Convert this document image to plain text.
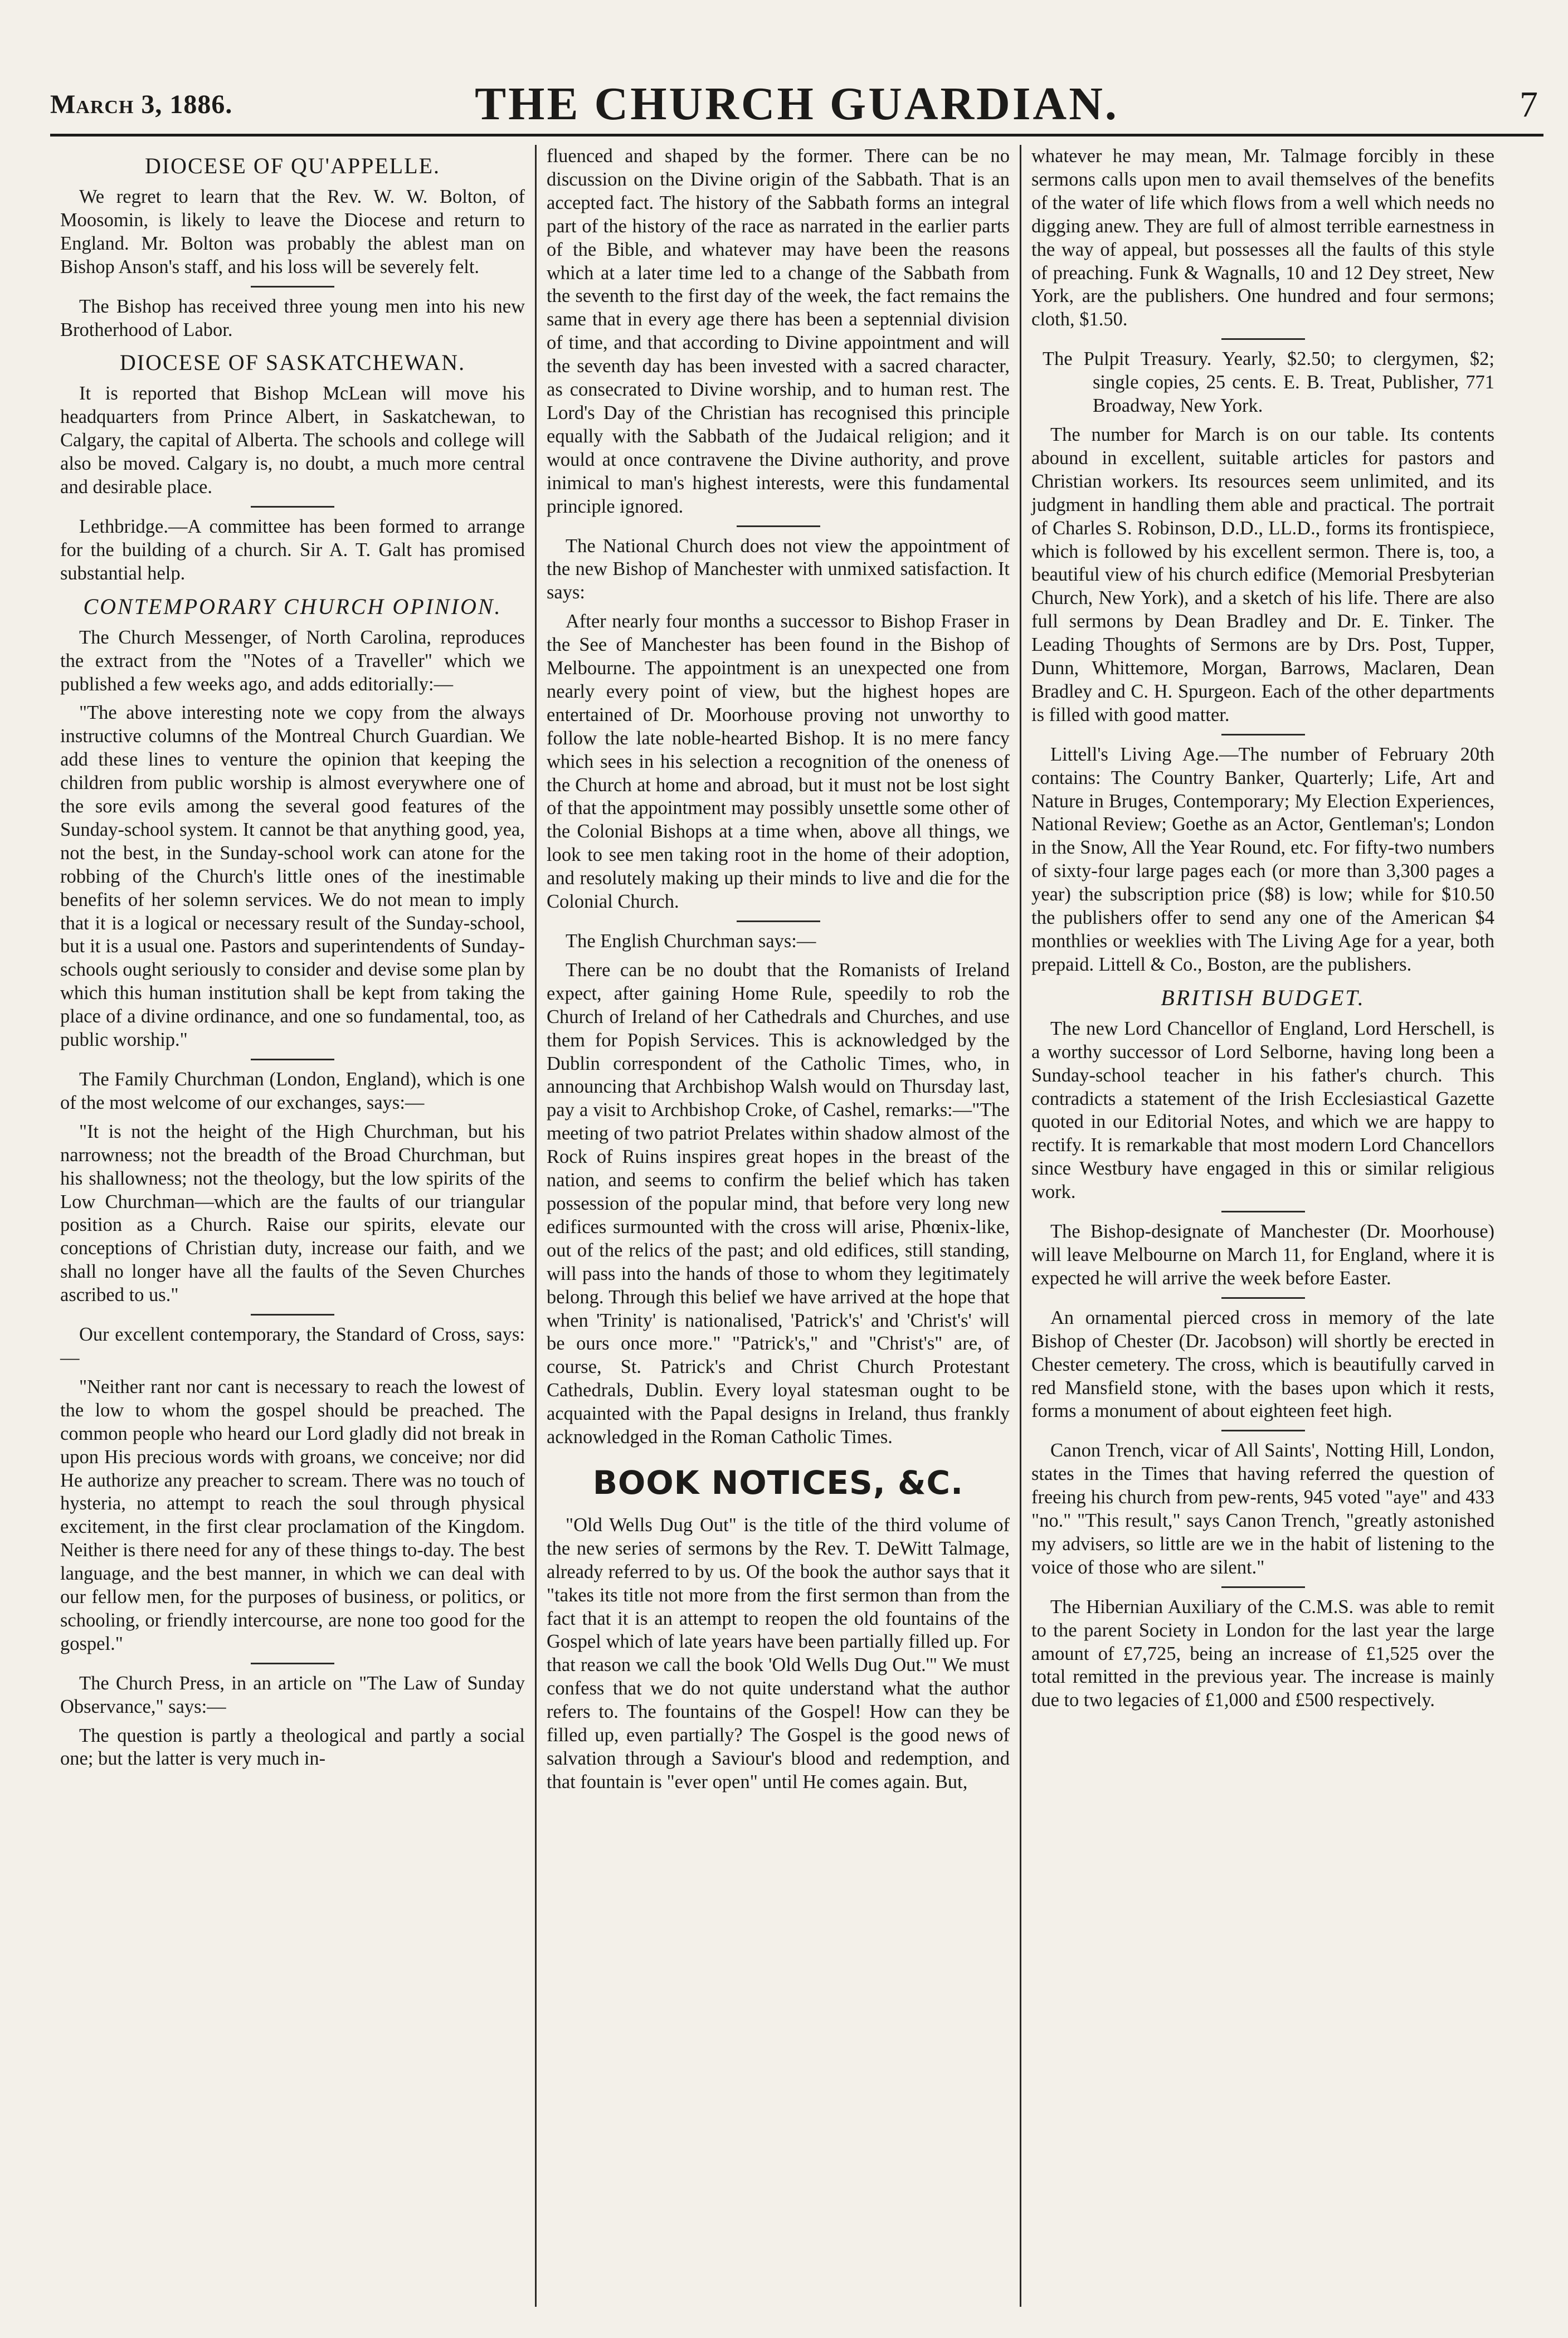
March 3, 1886.	THE CHURCH GUARDIAN.	7
DIOCESE OF QU'APPELLE.

We regret to learn that the Rev. W. W. Bolton, of Moosomin, is likely to leave the Diocese and return to England. Mr. Bolton was probably the ablest man on Bishop Anson's staff, and his loss will be severely felt.

The Bishop has received three young men into his new Brotherhood of Labor.

DIOCESE OF SASKATCHEWAN.

It is reported that Bishop McLean will move his headquarters from Prince Albert, in Saskatchewan, to Calgary, the capital of Alberta. The schools and college will also be moved. Calgary is, no doubt, a much more central and desirable place.

Lethbridge.—A committee has been formed to arrange for the building of a church. Sir A. T. Galt has promised substantial help.

CONTEMPORARY CHURCH OPINION.

The Church Messenger, of North Carolina, reproduces the extract from the "Notes of a Traveller" which we published a few weeks ago, and adds editorially:—

"The above interesting note we copy from the always instructive columns of the Montreal Church Guardian. We add these lines to venture the opinion that keeping the children from public worship is almost everywhere one of the sore evils among the several good features of the Sunday-school system. It cannot be that anything good, yea, not the best, in the Sunday-school work can atone for the robbing of the Church's little ones of the inestimable benefits of her solemn services. We do not mean to imply that it is a logical or necessary result of the Sunday-school, but it is a usual one. Pastors and superintendents of Sunday-schools ought seriously to consider and devise some plan by which this human institution shall be kept from taking the place of a divine ordinance, and one so fundamental, too, as public worship."

The Family Churchman (London, England), which is one of the most welcome of our exchanges, says:—

"It is not the height of the High Churchman, but his narrowness; not the breadth of the Broad Churchman, but his shallowness; not the theology, but the low spirits of the Low Churchman—which are the faults of our triangular position as a Church. Raise our spirits, elevate our conceptions of Christian duty, increase our faith, and we shall no longer have all the faults of the Seven Churches ascribed to us."

Our excellent contemporary, the Standard of Cross, says:—

"Neither rant nor cant is necessary to reach the lowest of the low to whom the gospel should be preached. The common people who heard our Lord gladly did not break in upon His precious words with groans, we conceive; nor did He authorize any preacher to scream. There was no touch of hysteria, no attempt to reach the soul through physical excitement, in the first clear proclamation of the Kingdom. Neither is there need for any of these things to-day. The best language, and the best manner, in which we can deal with our fellow men, for the purposes of business, or politics, or schooling, or friendly intercourse, are none too good for the gospel."

The Church Press, in an article on "The Law of Sunday Observance," says:—

The question is partly a theological and partly a social one; but the latter is very much in-

fluenced and shaped by the former. There can be no discussion on the Divine origin of the Sabbath. That is an accepted fact. The history of the Sabbath forms an integral part of the history of the race as narrated in the earlier parts of the Bible, and whatever may have been the reasons which at a later time led to a change of the Sabbath from the seventh to the first day of the week, the fact remains the same that in every age there has been a septennial division of time, and that according to Divine appointment and will the seventh day has been invested with a sacred character, as consecrated to Divine worship, and to human rest. The Lord's Day of the Christian has recognised this principle equally with the Sabbath of the Judaical religion; and it would at once contravene the Divine authority, and prove inimical to man's highest interests, were this fundamental principle ignored.

The National Church does not view the appointment of the new Bishop of Manchester with unmixed satisfaction. It says:

After nearly four months a successor to Bishop Fraser in the See of Manchester has been found in the Bishop of Melbourne. The appointment is an unexpected one from nearly every point of view, but the highest hopes are entertained of Dr. Moorhouse proving not unworthy to follow the late noble-hearted Bishop. It is no mere fancy which sees in his selection a recognition of the oneness of the Church at home and abroad, but it must not be lost sight of that the appointment may possibly unsettle some other of the Colonial Bishops at a time when, above all things, we look to see men taking root in the home of their adoption, and resolutely making up their minds to live and die for the Colonial Church.

The English Churchman says:—

There can be no doubt that the Romanists of Ireland expect, after gaining Home Rule, speedily to rob the Church of Ireland of her Cathedrals and Churches, and use them for Popish Services. This is acknowledged by the Dublin correspondent of the Catholic Times, who, in announcing that Archbishop Walsh would on Thursday last, pay a visit to Archbishop Croke, of Cashel, remarks:—"The meeting of two patriot Prelates within shadow almost of the Rock of Ruins inspires great hopes in the breast of the nation, and seems to confirm the belief which has taken possession of the popular mind, that before very long new edifices surmounted with the cross will arise, Phœnix-like, out of the relics of the past; and old edifices, still standing, will pass into the hands of those to whom they legitimately belong. Through this belief we have arrived at the hope that when 'Trinity' is nationalised, 'Patrick's' and 'Christ's' will be ours once more." "Patrick's," and "Christ's" are, of course, St. Patrick's and Christ Church Protestant Cathedrals, Dublin. Every loyal statesman ought to be acquainted with the Papal designs in Ireland, thus frankly acknowledged in the Roman Catholic Times.

BOOK NOTICES, &C.

"Old Wells Dug Out" is the title of the third volume of the new series of sermons by the Rev. T. DeWitt Talmage, already referred to by us. Of the book the author says that it "takes its title not more from the first sermon than from the fact that it is an attempt to reopen the old fountains of the Gospel which of late years have been partially filled up. For that reason we call the book 'Old Wells Dug Out.'" We must confess that we do not quite understand what the author refers to. The fountains of the Gospel! How can they be filled up, even partially? The Gospel is the good news of salvation through a Saviour's blood and redemption, and that fountain is "ever open" until He comes again. But,

whatever he may mean, Mr. Talmage forcibly in these sermons calls upon men to avail themselves of the benefits of the water of life which flows from a well which needs no digging anew. They are full of almost terrible earnestness in the way of appeal, but possesses all the faults of this style of preaching. Funk & Wagnalls, 10 and 12 Dey street, New York, are the publishers. One hundred and four sermons; cloth, $1.50.

The Pulpit Treasury. Yearly, $2.50; to clergymen, $2; single copies, 25 cents. E. B. Treat, Publisher, 771 Broadway, New York.

The number for March is on our table. Its contents abound in excellent, suitable articles for pastors and Christian workers. Its resources seem unlimited, and its judgment in handling them able and practical. The portrait of Charles S. Robinson, D.D., LL.D., forms its frontispiece, which is followed by his excellent sermon. There is, too, a beautiful view of his church edifice (Memorial Presbyterian Church, New York), and a sketch of his life. There are also full sermons by Dean Bradley and Dr. E. Tinker. The Leading Thoughts of Sermons are by Drs. Post, Tupper, Dunn, Whittemore, Morgan, Barrows, Maclaren, Dean Bradley and C. H. Spurgeon. Each of the other departments is filled with good matter.

Littell's Living Age.—The number of February 20th contains: The Country Banker, Quarterly; Life, Art and Nature in Bruges, Contemporary; My Election Experiences, National Review; Goethe as an Actor, Gentleman's; London in the Snow, All the Year Round, etc. For fifty-two numbers of sixty-four large pages each (or more than 3,300 pages a year) the subscription price ($8) is low; while for $10.50 the publishers offer to send any one of the American $4 monthlies or weeklies with The Living Age for a year, both prepaid. Littell & Co., Boston, are the publishers.

BRITISH BUDGET.

The new Lord Chancellor of England, Lord Herschell, is a worthy successor of Lord Selborne, having long been a Sunday-school teacher in his father's church. This contradicts a statement of the Irish Ecclesiastical Gazette quoted in our Editorial Notes, and which we are happy to rectify. It is remarkable that most modern Lord Chancellors since Westbury have engaged in this or similar religious work.

The Bishop-designate of Manchester (Dr. Moorhouse) will leave Melbourne on March 11, for England, where it is expected he will arrive the week before Easter.

An ornamental pierced cross in memory of the late Bishop of Chester (Dr. Jacobson) will shortly be erected in Chester cemetery. The cross, which is beautifully carved in red Mansfield stone, with the bases upon which it rests, forms a monument of about eighteen feet high.

Canon Trench, vicar of All Saints', Notting Hill, London, states in the Times that having referred the question of freeing his church from pew-rents, 945 voted "aye" and 433 "no." "This result," says Canon Trench, "greatly astonished my advisers, so little are we in the habit of listening to the voice of those who are silent."

The Hibernian Auxiliary of the C.M.S. was able to remit to the parent Society in London for the last year the large amount of £7,725, being an increase of £1,525 over the total remitted in the previous year. The increase is mainly due to two legacies of £1,000 and £500 respectively.
